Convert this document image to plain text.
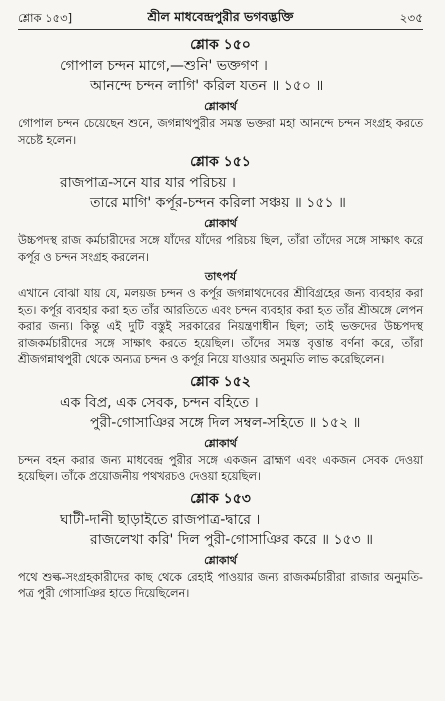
শ্লোক ১৫৩]	শ্রীল মাধবেন্দ্রপুরীর ভগবদ্ভক্তি	২৩৫

শ্লোক ১৫০

গোপাল চন্দন মাগে,—শুনি' ভক্তগণ ।
আনন্দে চন্দন লাগি' করিল যতন ॥ ১৫০ ॥

শ্লোকার্থ

গোপাল চন্দন চেয়েছেন শুনে, জগন্নাথপুরীর সমস্ত ভক্তরা মহা আনন্দে চন্দন সংগ্রহ করতে সচেষ্ট হলেন।

শ্লোক ১৫১

রাজপাত্র-সনে যার যার পরিচয় ।
তারে মাগি' কর্পূর-চন্দন করিলা সঞ্চয় ॥ ১৫১ ॥

শ্লোকার্থ

উচ্চপদস্থ রাজ কর্মচারীদের সঙ্গে যাঁদের যাঁদের পরিচয় ছিল, তাঁরা তাঁদের সঙ্গে সাক্ষাৎ করে কর্পূর ও চন্দন সংগ্রহ করলেন।

তাৎপর্য

এখানে বোঝা যায় যে, মলয়জ চন্দন ও কর্পূর জগন্নাথদেবের শ্রীবিগ্রহের জন্য ব্যবহার করা হত। কর্পূর ব্যবহার করা হত তাঁর আরতিতে এবং চন্দন ব্যবহার করা হত তাঁর শ্রীঅঙ্গে লেপন করার জন্য। কিন্তু এই দুটি বস্তুই সরকারের নিয়ন্ত্রণাধীন ছিল; তাই ভক্তদের উচ্চপদস্থ রাজকর্মচারীদের সঙ্গে সাক্ষাৎ করতে হয়েছিল। তাঁদের সমস্ত বৃত্তান্ত বর্ণনা করে, তাঁরা শ্রীজগন্নাথপুরী থেকে অন্যত্র চন্দন ও কর্পূর নিয়ে যাওয়ার অনুমতি লাভ করেছিলেন।

শ্লোক ১৫২

এক বিপ্র, এক সেবক, চন্দন বহিতে ।
পুরী-গোসাঞির সঙ্গে দিল সম্বল-সহিতে ॥ ১৫২ ॥

শ্লোকার্থ

চন্দন বহন করার জন্য মাধবেন্দ্র পুরীর সঙ্গে একজন ব্রাহ্মণ এবং একজন সেবক দেওয়া হয়েছিল। তাঁকে প্রয়োজনীয় পথখরচও দেওয়া হয়েছিল।

শ্লোক ১৫৩

ঘাটী-দানী ছাড়াইতে রাজপাত্র-দ্বারে ।
রাজলেখা করি' দিল পুরী-গোসাঞির করে ॥ ১৫৩ ॥

শ্লোকার্থ

পথে শুল্ক-সংগ্রহকারীদের কাছ থেকে রেহাই পাওয়ার জন্য রাজকর্মচারীরা রাজার অনুমতি-পত্র পুরী গোসাঞির হাতে দিয়েছিলেন।
